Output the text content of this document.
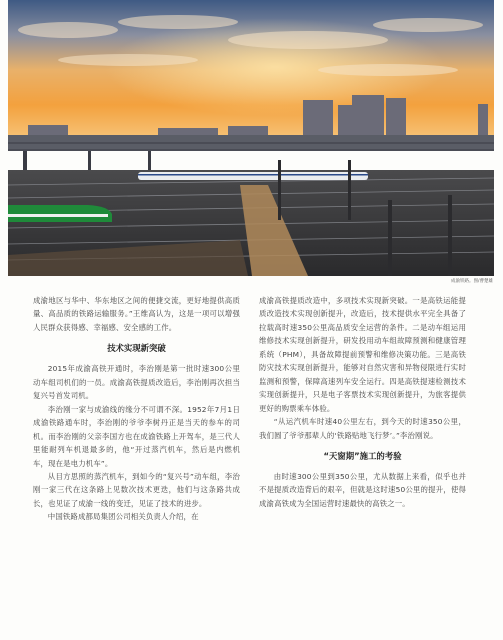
成渝铁路。图/曹楚雄

成渝地区与华中、华东地区之间的便捷交流，更好地提供高质量、高品质的铁路运输服务。”王维高认为，这是一项可以增强人民群众获得感、幸福感、安全感的工作。

技术实现新突破

2015年成渝高铁开通时，李治刚是第一批时速300公里动车组司机们的一员。成渝高铁提质改造后，李治刚再次担当复兴号首发司机。

李治刚一家与成渝线的缘分不可谓不深。1952年7月1日成渝铁路通车时，李治刚的爷爷李树丹正是当天的参车的司机。而李治刚的父亲李国方也在成渝铁路上开驾车，是三代人里能耐列车机退最多的，他“开过蒸汽机车，然后是内燃机车，现在是电力机车”。

从目方思照的蒸汽机车，到如今的“复兴号”动车组，李治刚一家三代在这条路上见数次技术更迭，他们与这条路共成长，也见证了成渝一线的变迁，见证了技术的进步。

中国铁路成都局集团公司相关负责人介绍，在

成渝高铁提质改造中，多项技术实现新突破。一是高铁运能提质改造技术实现创新提升，改造后，技术提供水平完全具备了拉载高时速350公里高品质安全运营的条件。二是动车组运用维修技术实现创新提升，研发投用动车组故障预测和健康管理系统（PHM），具备故障提前预警和维修决策功能。三是高铁防灾技术实现创新提升，能够对自然灾害和异物侵限进行实时监测和预警，保障高速列车安全运行。四是高铁提速检测技术实现创新提升，只是电子客票技术实现创新提升，为旅客提供更好的购票乘车体验。

“从运汽机车时速40公里左右，到今天的时速350公里，我们圆了爷爷那辈人的‘铁路贴地飞行梦’。”李治刚说。

“天窗期”施工的考验

由时速300公里到350公里，尤从数据上来看，似乎也并不是提质改造背后的艰辛，但就是这时速50公里的提升，使得成渝高铁成为全国运营时速最快的高铁之一。
